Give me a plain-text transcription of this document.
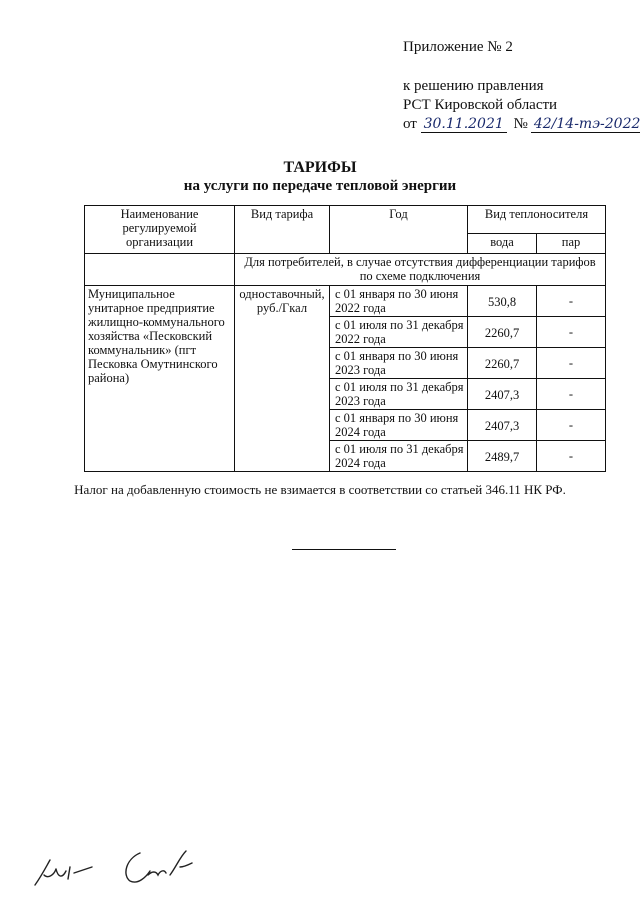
Приложение № 2
к решению правления
РСТ Кировской области
от 30.11.2021 № 42/14-тэ-2022
ТАРИФЫ
на услуги по передаче тепловой энергии
Наименование регулируемой организации	Вид тарифа	Год	Вид теплоносителя	
			вода	пар
	Для потребителей, в случае отсутствия дифференциации тарифов по схеме подключения			
Муниципальное унитарное предприятие жилищно-коммунального хозяйства «Песковский коммунальник» (пгт Песковка Омутнинского района)	одноставочный, руб./Гкал	с 01 января по 30 июня 2022 года	530,8	-
		с 01 июля по 31 декабря 2022 года	2260,7	-
		с 01 января по 30 июня 2023 года	2260,7	-
		с 01 июля по 31 декабря 2023 года	2407,3	-
		с 01 января по 30 июня 2024 года	2407,3	-
		с 01 июля по 31 декабря 2024 года	2489,7	-
Налог на добавленную стоимость не взимается в соответствии со статьей 346.11 НК РФ.
